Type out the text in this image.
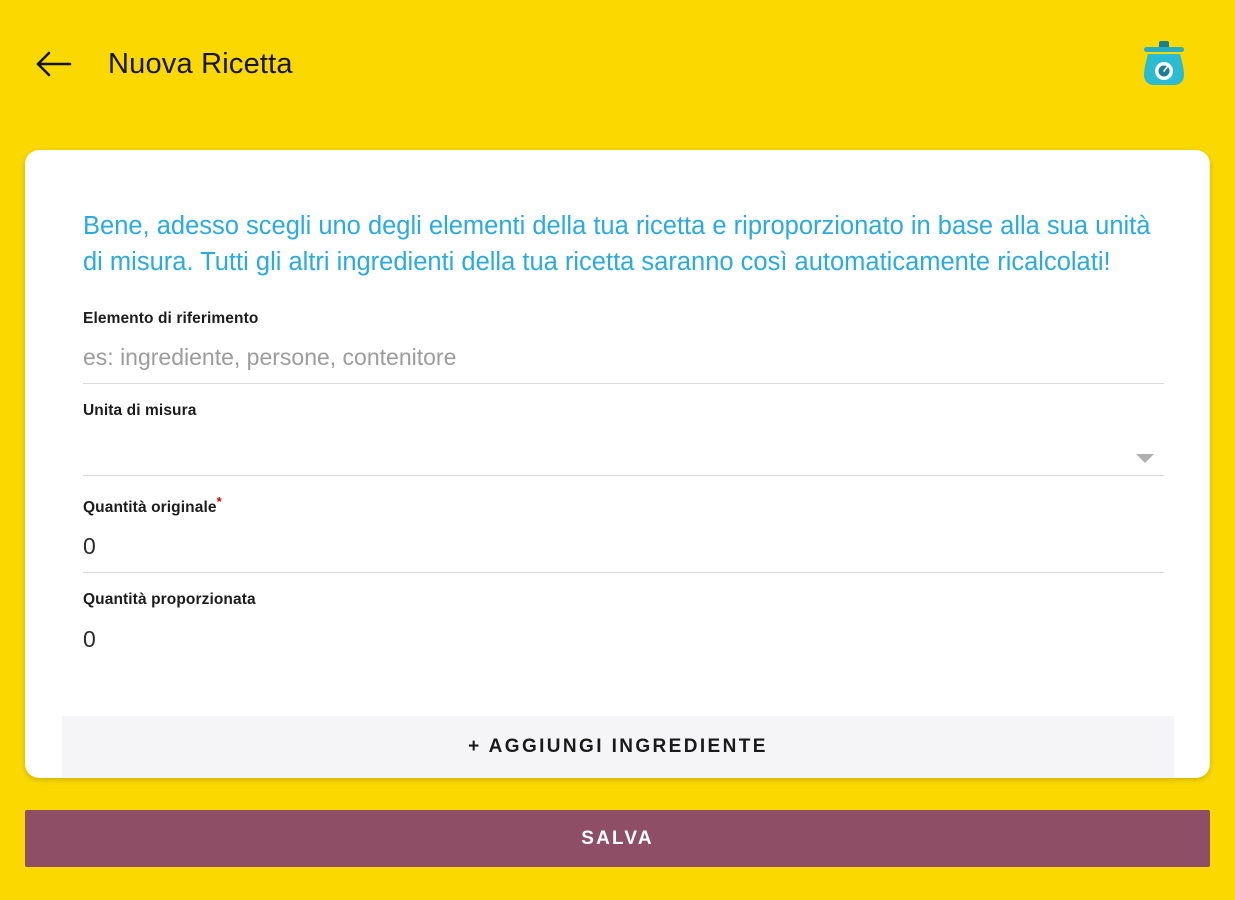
Nuova Ricetta
Bene, adesso scegli uno degli elementi della tua ricetta e riproporzionato in base alla sua unità di misura. Tutti gli altri ingredienti della tua ricetta saranno così automaticamente ricalcolati!
Elemento di riferimento
es: ingrediente, persone, contenitore
Unita di misura
Quantità originale*
0
Quantità proporzionata
0
+ AGGIUNGI INGREDIENTE
SALVA
